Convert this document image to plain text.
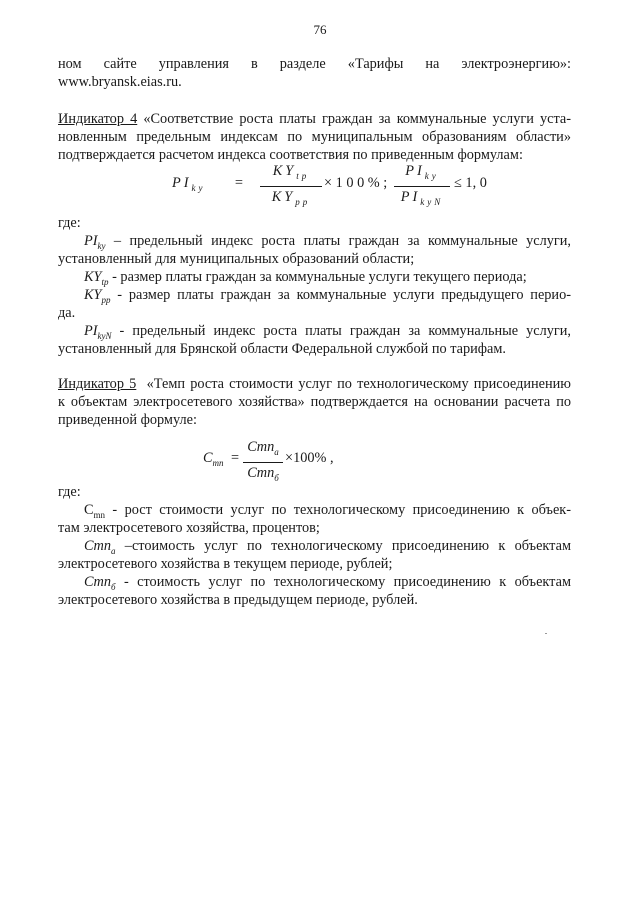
76
ном сайте управления в разделе «Тарифы на электроэнергию»:
www.bryansk.eias.ru.
Индикатор 4 «Соответствие роста платы граждан за коммунальные услуги уста-
новленным предельным индексам по муниципальным образованиям области»
подтверждается расчетом индекса соответствия по приведенным формулам:
$PI_{ky}$ =
$KY_{tp}$
$KY_{pp}$
× 1 0 0 % ;
$PI_{ky}$
$PI_{kyN}$
≤ 1, 0
где:
$PI_{ky}$ – предельный индекс роста платы граждан за коммунальные услуги,
установленный для муниципальных образований области;
$KY_{tp}$ - размер платы граждан за коммунальные услуги текущего периода;
$KY_{pp}$ - размер платы граждан за коммунальные услуги предыдущего перио-
да.
$PI_{kyN}$ - предельный индекс роста платы граждан за коммунальные услуги,
установленный для Брянской области Федеральной службой по тарифам.
Индикатор 5 «Темп роста стоимости услуг по технологическому присоединению
к объектам электросетевого хозяйства» подтверждается на основании расчета по
приведенной формуле:
$C_{mn}$ =
Cmn$_a$
Cmn$_б$
×100% ,
где:
$C_{mn}$ - рост стоимости услуг по технологическому присоединению к объек-
там электросетевого хозяйства, процентов;
Cmn$_а$ –стоимость услуг по технологическому присоединению к объектам
электросетевого хозяйства в текущем периоде, рублей;
Cmn$_б$ - стоимость услуг по технологическому присоединению к объектам
электросетевого хозяйства в предыдущем периоде, рублей.
